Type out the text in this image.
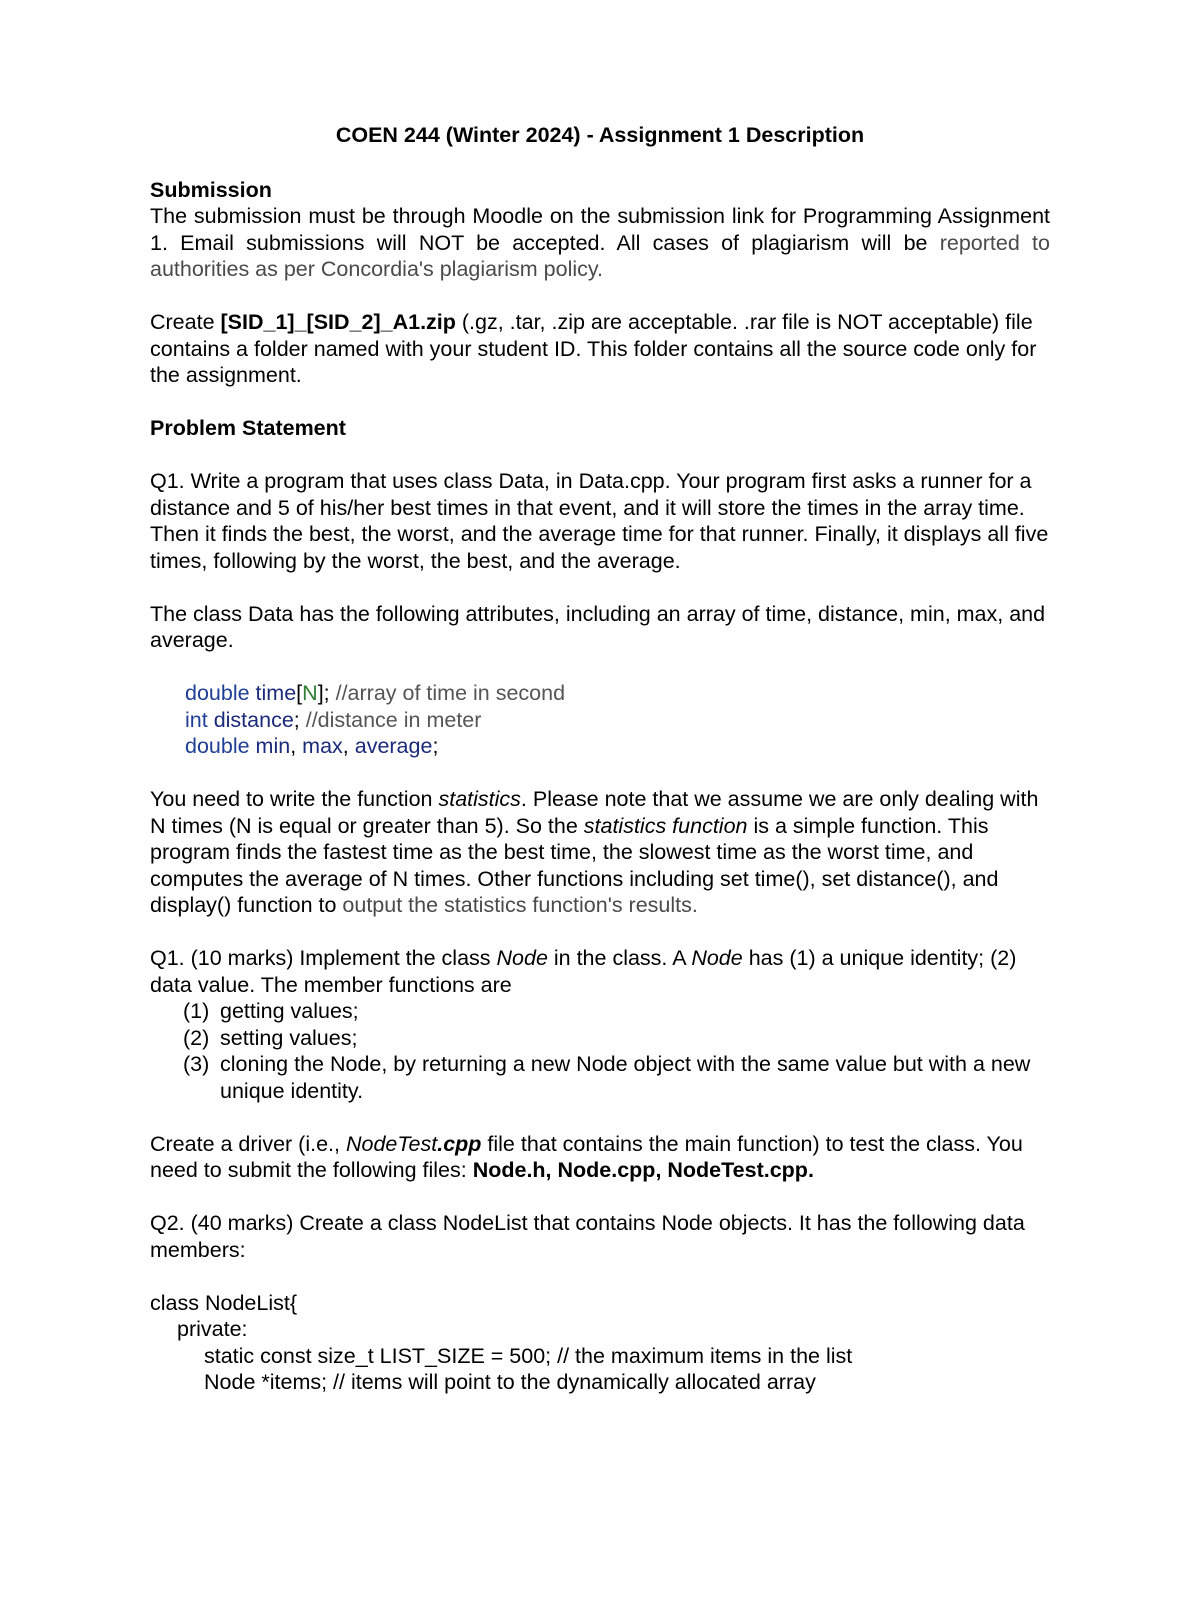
COEN 244 (Winter 2024) - Assignment 1 Description

Submission

The submission must be through Moodle on the submission link for Programming Assignment 1. Email submissions will NOT be accepted. All cases of plagiarism will be reported to authorities as per Concordia's plagiarism policy.

Create [SID_1]_[SID_2]_A1.zip (.gz, .tar, .zip are acceptable. .rar file is NOT acceptable) file contains a folder named with your student ID. This folder contains all the source code only for the assignment.

Problem Statement

Q1. Write a program that uses class Data, in Data.cpp. Your program first asks a runner for a distance and 5 of his/her best times in that event, and it will store the times in the array time. Then it finds the best, the worst, and the average time for that runner. Finally, it displays all five times, following by the worst, the best, and the average.

The class Data has the following attributes, including an array of time, distance, min, max, and average.

double time[N]; //array of time in second

int distance; //distance in meter

double min, max, average;

You need to write the function statistics. Please note that we assume we are only dealing with N times (N is equal or greater than 5). So the statistics function is a simple function. This program finds the fastest time as the best time, the slowest time as the worst time, and computes the average of N times. Other functions including set time(), set distance(), and display() function to output the statistics function's results.

Q1. (10 marks) Implement the class Node in the class. A Node has (1) a unique identity; (2) data value. The member functions are

(1) getting values;
(2) setting values;
(3) cloning the Node, by returning a new Node object with the same value but with a new unique identity.

Create a driver (i.e., NodeTest.cpp file that contains the main function) to test the class. You need to submit the following files: Node.h, Node.cpp, NodeTest.cpp.

Q2. (40 marks) Create a class NodeList that contains Node objects. It has the following data members:

class NodeList{

private:

static const size_t LIST_SIZE = 500; // the maximum items in the list

Node *items; // items will point to the dynamically allocated array
